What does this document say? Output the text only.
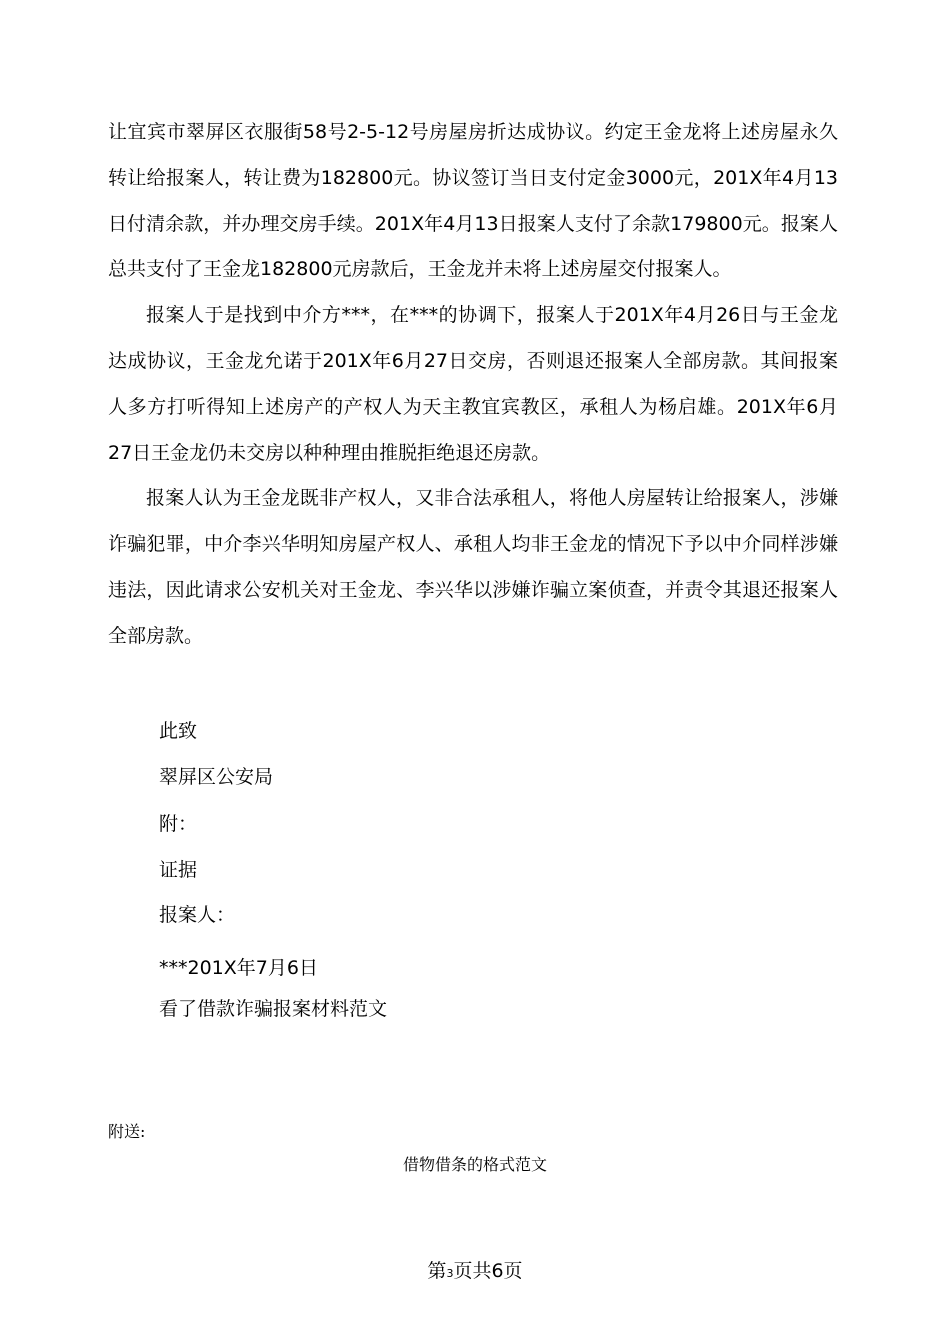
让宜宾市翠屏区衣服街58号2-5-12号房屋房折达成协议。约定王金龙将上述房屋永久转让给报案人，转让费为182800元。协议签订当日支付定金3000元，201X年4月13日付清余款，并办理交房手续。201X年4月13日报案人支付了余款179800元。报案人总共支付了王金龙182800元房款后，王金龙并未将上述房屋交付报案人。

报案人于是找到中介方***，在***的协调下，报案人于201X年4月26日与王金龙达成协议，王金龙允诺于201X年6月27日交房，否则退还报案人全部房款。其间报案人多方打听得知上述房产的产权人为天主教宜宾教区，承租人为杨启雄。201X年6月27日王金龙仍未交房以种种理由推脱拒绝退还房款。

报案人认为王金龙既非产权人，又非合法承租人，将他人房屋转让给报案人，涉嫌诈骗犯罪，中介李兴华明知房屋产权人、承租人均非王金龙的情况下予以中介同样涉嫌违法，因此请求公安机关对王金龙、李兴华以涉嫌诈骗立案侦查，并责令其退还报案人全部房款。

此致
翠屏区公安局
附：
证据
报案人：
***201X年7月6日
看了借款诈骗报案材料范文
附送:
借物借条的格式范文
第3页共6页
